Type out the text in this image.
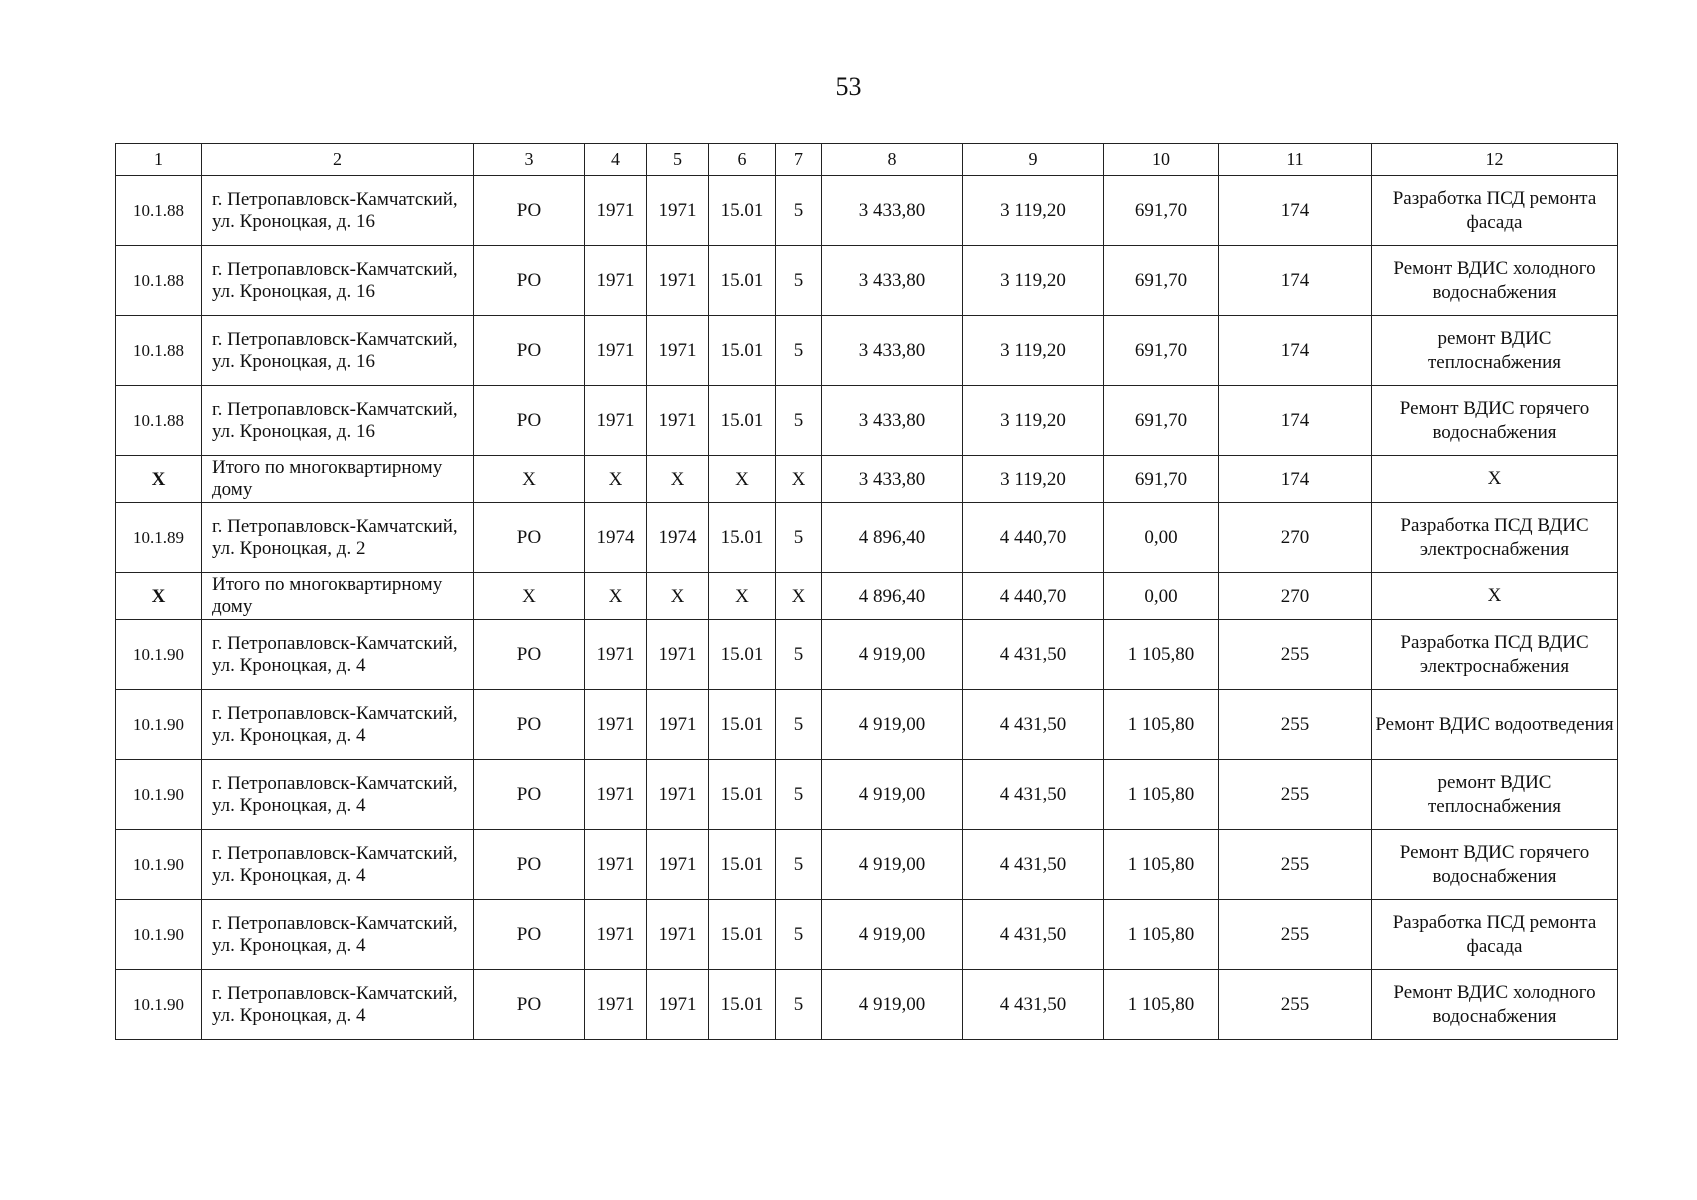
53
1	2	3	4	5	6	7	8	9	10	11	12
10.1.88	г. Петропавловск-Камчатский, ул. Кроноцкая, д. 16	РО	1971	1971	15.01	5	3 433,80	3 119,20	691,70	174	Разработка ПСД ремонта фасада
10.1.88	г. Петропавловск-Камчатский, ул. Кроноцкая, д. 16	РО	1971	1971	15.01	5	3 433,80	3 119,20	691,70	174	Ремонт ВДИС холодного водоснабжения
10.1.88	г. Петропавловск-Камчатский, ул. Кроноцкая, д. 16	РО	1971	1971	15.01	5	3 433,80	3 119,20	691,70	174	ремонт ВДИС теплоснабжения
10.1.88	г. Петропавловск-Камчатский, ул. Кроноцкая, д. 16	РО	1971	1971	15.01	5	3 433,80	3 119,20	691,70	174	Ремонт ВДИС горячего водоснабжения
Х	Итого по многоквартирному дому	Х	Х	Х	Х	Х	3 433,80	3 119,20	691,70	174	Х
10.1.89	г. Петропавловск-Камчатский, ул. Кроноцкая, д. 2	РО	1974	1974	15.01	5	4 896,40	4 440,70	0,00	270	Разработка ПСД ВДИС электроснабжения
Х	Итого по многоквартирному дому	Х	Х	Х	Х	Х	4 896,40	4 440,70	0,00	270	Х
10.1.90	г. Петропавловск-Камчатский, ул. Кроноцкая, д. 4	РО	1971	1971	15.01	5	4 919,00	4 431,50	1 105,80	255	Разработка ПСД ВДИС электроснабжения
10.1.90	г. Петропавловск-Камчатский, ул. Кроноцкая, д. 4	РО	1971	1971	15.01	5	4 919,00	4 431,50	1 105,80	255	Ремонт ВДИС водоотведения
10.1.90	г. Петропавловск-Камчатский, ул. Кроноцкая, д. 4	РО	1971	1971	15.01	5	4 919,00	4 431,50	1 105,80	255	ремонт ВДИС теплоснабжения
10.1.90	г. Петропавловск-Камчатский, ул. Кроноцкая, д. 4	РО	1971	1971	15.01	5	4 919,00	4 431,50	1 105,80	255	Ремонт ВДИС горячего водоснабжения
10.1.90	г. Петропавловск-Камчатский, ул. Кроноцкая, д. 4	РО	1971	1971	15.01	5	4 919,00	4 431,50	1 105,80	255	Разработка ПСД ремонта фасада
10.1.90	г. Петропавловск-Камчатский, ул. Кроноцкая, д. 4	РО	1971	1971	15.01	5	4 919,00	4 431,50	1 105,80	255	Ремонт ВДИС холодного водоснабжения
